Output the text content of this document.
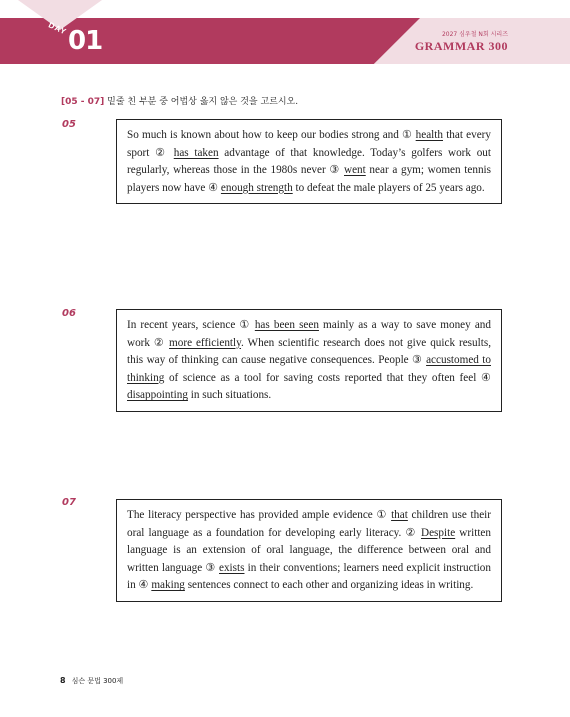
DAY 01	2027 심우철 N회 시리즈
GRAMMAR 300
[05 - 07] 밑줄 친 부분 중 어법상 옳지 않은 것을 고르시오.
05
So much is known about how to keep our bodies strong and ① health that every sport ② has taken advantage of that knowledge. Today’s golfers work out regularly, whereas those in the 1980s never ③ went near a gym; women tennis players now have ④ enough strength to defeat the male players of 25 years ago.
06
In recent years, science ① has been seen mainly as a way to save money and work ② more efficiently. When scientific research does not give quick results, this way of thinking can cause negative consequences. People ③ accustomed to thinking of science as a tool for saving costs reported that they often feel ④ disappointing in such situations.
07
The literacy perspective has provided ample evidence ① that children use their oral language as a foundation for developing early literacy. ② Despite written language is an extension of oral language, the difference between oral and written language ③ exists in their conventions; learners need explicit instruction in ④ making sentences connect to each other and organizing ideas in writing.
8 심슨 문법 300제
